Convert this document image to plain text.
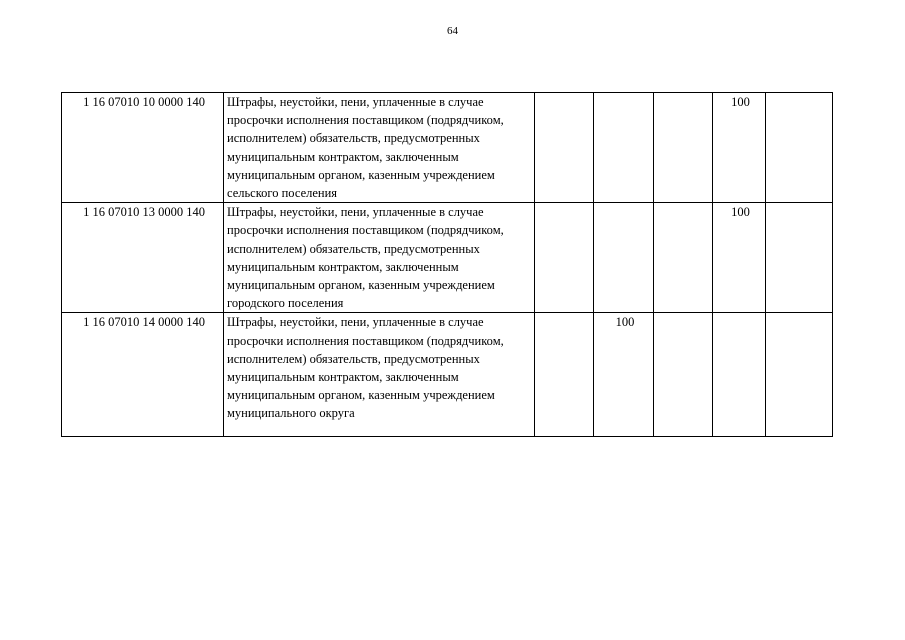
64
1 16 07010 10 0000 140	Штрафы, неустойки, пени, уплаченные в случае просрочки исполнения поставщиком (подрядчиком, исполнителем) обязательств, предусмотренных муниципальным контрактом, заключенным муниципальным органом, казенным учреждением сельского поселения				100	
1 16 07010 13 0000 140	Штрафы, неустойки, пени, уплаченные в случае просрочки исполнения поставщиком (подрядчиком, исполнителем) обязательств, предусмотренных муниципальным контрактом, заключенным муниципальным органом, казенным учреждением городского поселения				100	
1 16 07010 14 0000 140	Штрафы, неустойки, пени, уплаченные в случае просрочки исполнения поставщиком (подрядчиком, исполнителем) обязательств, предусмотренных муниципальным контрактом, заключенным муниципальным органом, казенным учреждением муниципального округа		100			
